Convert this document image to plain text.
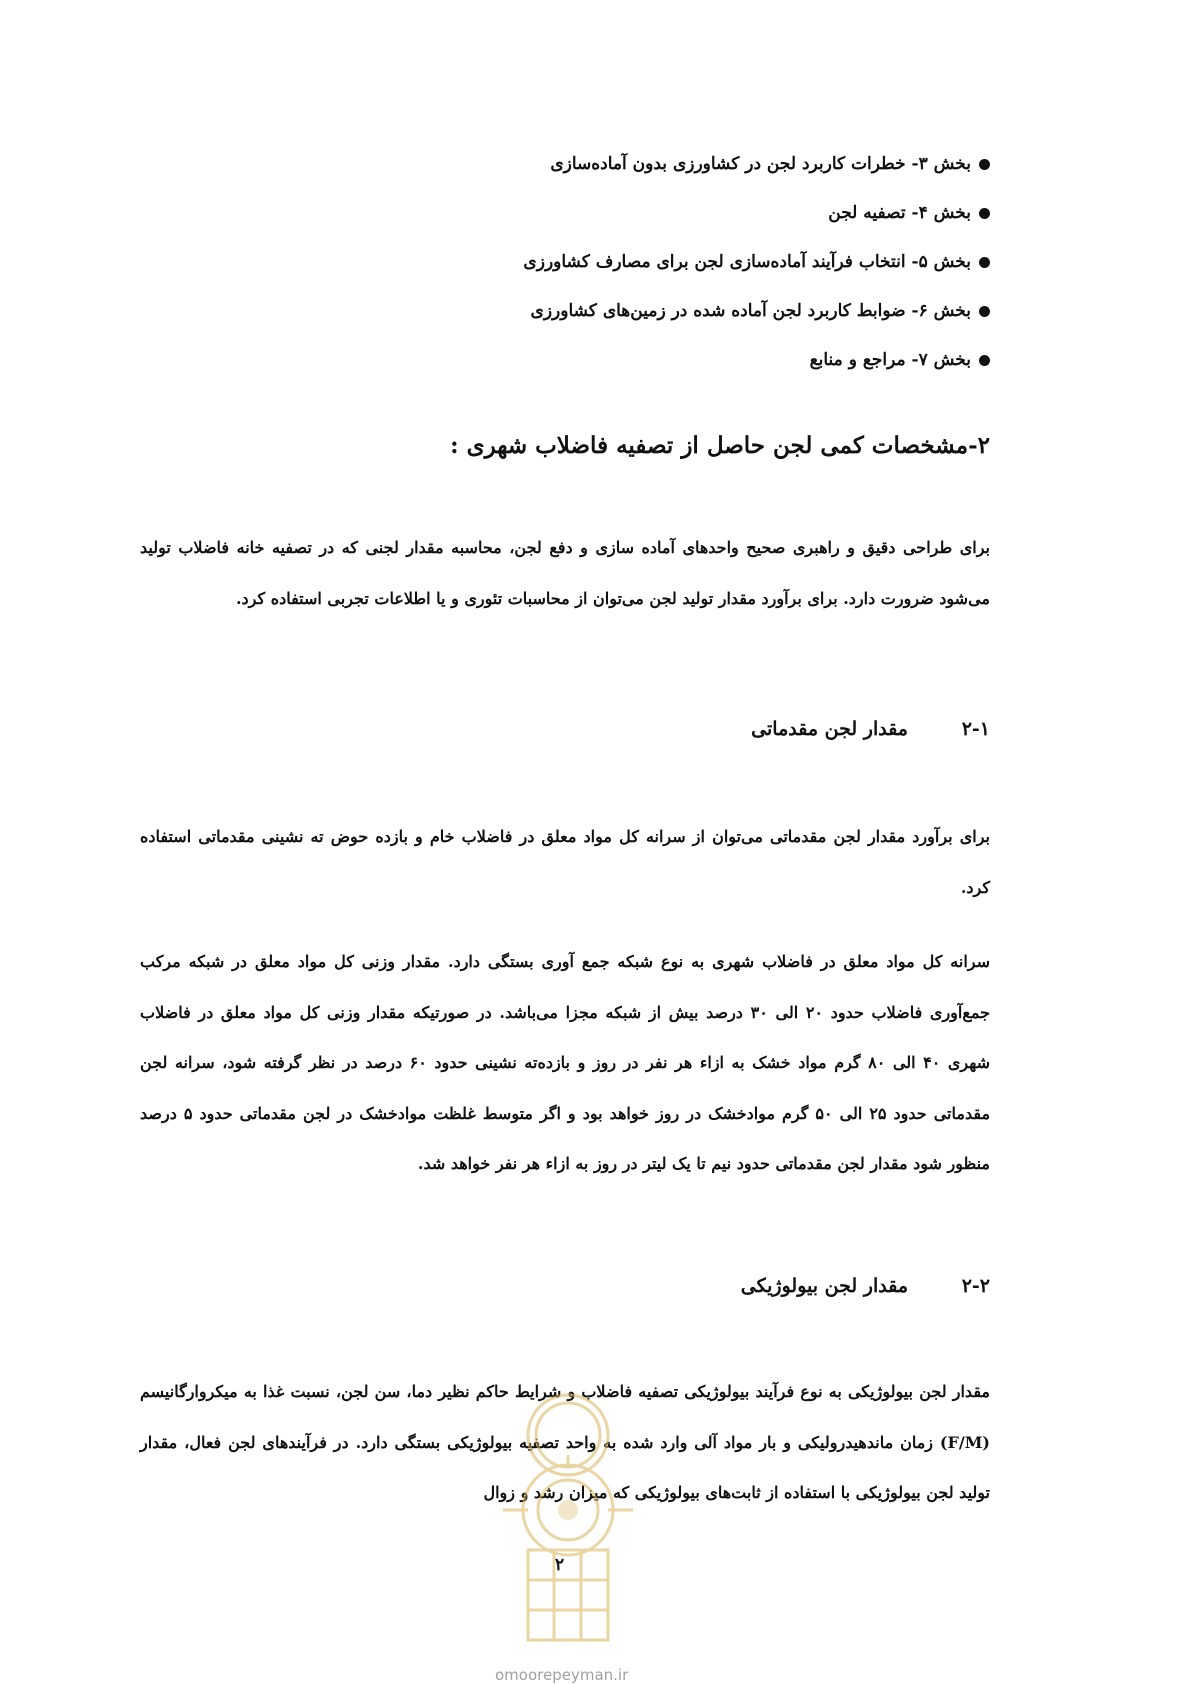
بخش ۳- خطرات کاربرد لجن در کشاورزی بدون آماده‌سازی
بخش ۴- تصفیه لجن
بخش ۵- انتخاب فرآیند آماده‌سازی لجن برای مصارف کشاورزی
بخش ۶- ضوابط کاربرد لجن آماده شده در زمین‌های کشاورزی
بخش ۷- مراجع و منابع
۲-مشخصات کمی لجن حاصل از تصفیه فاضلاب شهری :

برای طراحی دقیق و راهبری صحیح واحدهای آماده سازی و دفع لجن، محاسبه مقدار لجنی که در تصفیه خانه فاضلاب تولید می‌شود ضرورت دارد. برای برآورد مقدار تولید لجن می‌توان از محاسبات تئوری و یا اطلاعات تجربی استفاده کرد.

۲-۱مقدار لجن مقدماتی

برای برآورد مقدار لجن مقدماتی می‌توان از سرانه کل مواد معلق در فاضلاب خام و بازده حوض ته نشینی مقدماتی استفاده کرد.

سرانه کل مواد معلق در فاضلاب شهری به نوع شبکه جمع آوری بستگی دارد. مقدار وزنی کل مواد معلق در شبکه مرکب جمع‌آوری فاضلاب حدود ۲۰ الی ۳۰ درصد بیش از شبکه مجزا می‌باشد. در صورتیکه مقدار وزنی کل مواد معلق در فاضلاب شهری ۴۰ الی ۸۰ گرم مواد خشک به ازاء هر نفر در روز و بازده‌ته نشینی حدود ۶۰ درصد در نظر گرفته شود، سرانه لجن مقدماتی حدود ۲۵ الی ۵۰ گرم موادخشک در روز خواهد بود و اگر متوسط غلظت موادخشک در لجن مقدماتی حدود ۵ درصد منظور شود مقدار لجن مقدماتی حدود نیم تا یک لیتر در روز به ازاء هر نفر خواهد شد.

۲-۲مقدار لجن بیولوژیکی

مقدار لجن بیولوژیکی به نوع فرآیند بیولوژیکی تصفیه فاضلاب و شرایط حاکم نظیر دما، سن لجن، نسبت غذا به میکروارگانیسم (F/M) زمان ماندهیدرولیکی و بار مواد آلی وارد شده به واحد تصفیه بیولوژیکی بستگی دارد. در فرآیندهای لجن فعال، مقدار تولید لجن بیولوژیکی با استفاده از ثابت‌های بیولوژیکی که میزان رشد و زوال

۲
omoorepeyman.ir
